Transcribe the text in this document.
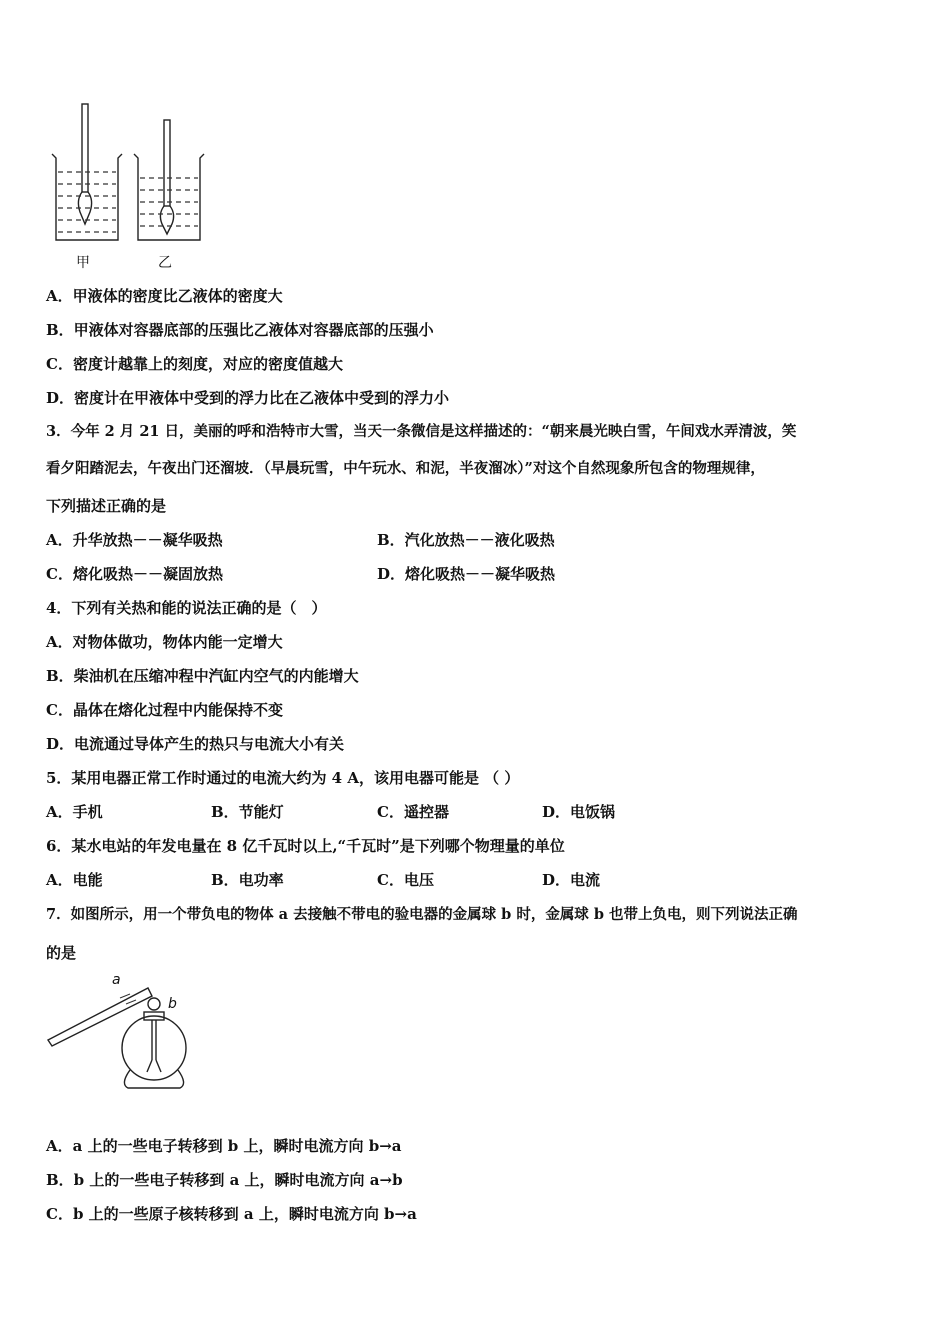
甲	乙
A．甲液体的密度比乙液体的密度大
B．甲液体对容器底部的压强比乙液体对容器底部的压强小
C．密度计越靠上的刻度，对应的密度值越大
D．密度计在甲液体中受到的浮力比在乙液体中受到的浮力小
3．今年 2 月 21 日，美丽的呼和浩特市大雪，当天一条微信是这样描述的：“朝来晨光映白雪，午间戏水弄清波，笑
看夕阳踏泥去，午夜出门还溜坡．（早晨玩雪，中午玩水、和泥，半夜溜冰）”对这个自然现象所包含的物理规律，
下列描述正确的是
A．升华放热－－凝华吸热	B．汽化放热－－液化吸热
C．熔化吸热－－凝固放热	D．熔化吸热－－凝华吸热
4．下列有关热和能的说法正确的是（　）
A．对物体做功，物体内能一定增大
B．柴油机在压缩冲程中汽缸内空气的内能增大
C．晶体在熔化过程中内能保持不变
D．电流通过导体产生的热只与电流大小有关
5．某用电器正常工作时通过的电流大约为 4 A，该用电器可能是 （ ）
A．手机	B．节能灯	C．遥控器	D．电饭锅
6．某水电站的年发电量在 8 亿千瓦时以上,“千瓦时”是下列哪个物理量的单位
A．电能	B．电功率	C．电压	D．电流
7．如图所示，用一个带负电的物体 a 去接触不带电的验电器的金属球 b 时，金属球 b 也带上负电，则下列说法正确
的是
a
b
A．a 上的一些电子转移到 b 上，瞬时电流方向 b→a
B．b 上的一些电子转移到 a 上，瞬时电流方向 a→b
C．b 上的一些原子核转移到 a 上，瞬时电流方向 b→a
